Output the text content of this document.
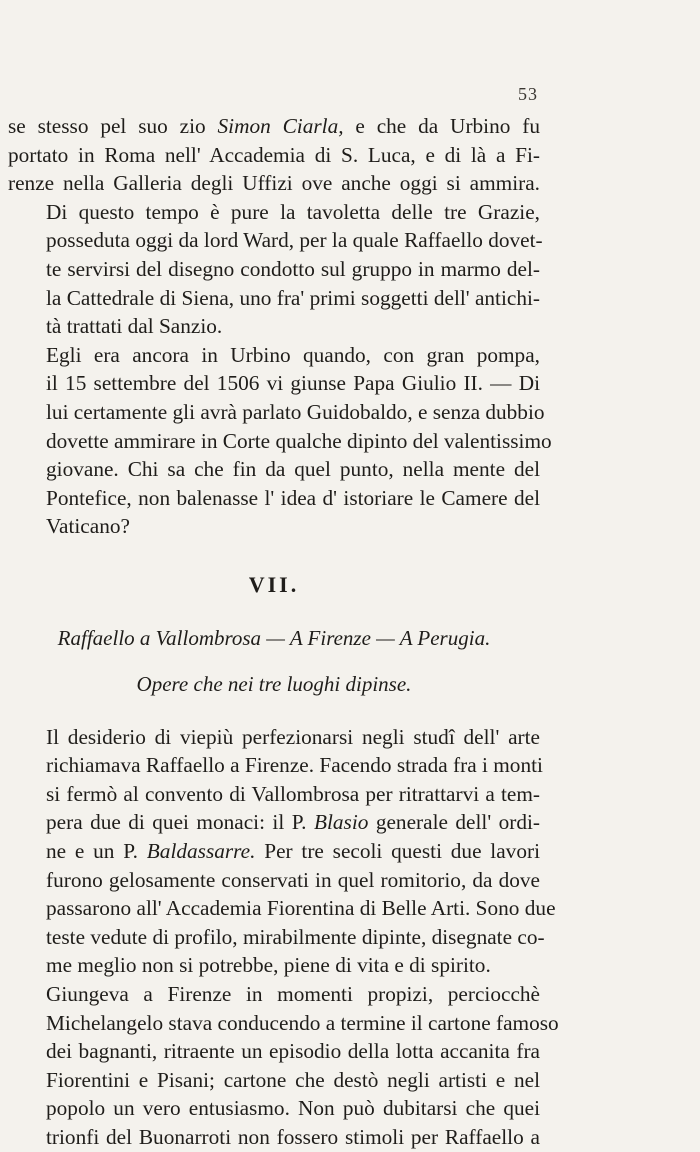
53

se stesso pel suo zio Simon Ciarla, e che da Urbino fu
portato in Roma nell' Accademia di S. Luca, e di là a Fi-
renze nella Galleria degli Uffizi ove anche oggi si ammira.

Di questo tempo è pure la tavoletta delle tre Grazie,
posseduta oggi da lord Ward, per la quale Raffaello dovet-
te servirsi del disegno condotto sul gruppo in marmo del-
la Cattedrale di Siena, uno fra' primi soggetti dell' antichi-
tà trattati dal Sanzio.

Egli era ancora in Urbino quando, con gran pompa,
il 15 settembre del 1506 vi giunse Papa Giulio II. — Di
lui certamente gli avrà parlato Guidobaldo, e senza dubbio
dovette ammirare in Corte qualche dipinto del valentissimo
giovane. Chi sa che fin da quel punto, nella mente del
Pontefice, non balenasse l' idea d' istoriare le Camere del
Vaticano?

VII.
Raffaello a Vallombrosa — A Firenze — A Perugia.
Opere che nei tre luoghi dipinse.

Il desiderio di viepiù perfezionarsi negli studî dell' arte
richiamava Raffaello a Firenze. Facendo strada fra i monti
si fermò al convento di Vallombrosa per ritrattarvi a tem-
pera due di quei monaci: il P. Blasio generale dell' ordi-
ne e un P. Baldassarre. Per tre secoli questi due lavori
furono gelosamente conservati in quel romitorio, da dove
passarono all' Accademia Fiorentina di Belle Arti. Sono due
teste vedute di profilo, mirabilmente dipinte, disegnate co-
me meglio non si potrebbe, piene di vita e di spirito.

Giungeva a Firenze in momenti propizi, perciocchè
Michelangelo stava conducendo a termine il cartone famoso
dei bagnanti, ritraente un episodio della lotta accanita fra
Fiorentini e Pisani; cartone che destò negli artisti e nel
popolo un vero entusiasmo. Non può dubitarsi che quei
trionfi del Buonarroti non fossero stimoli per Raffaello a
